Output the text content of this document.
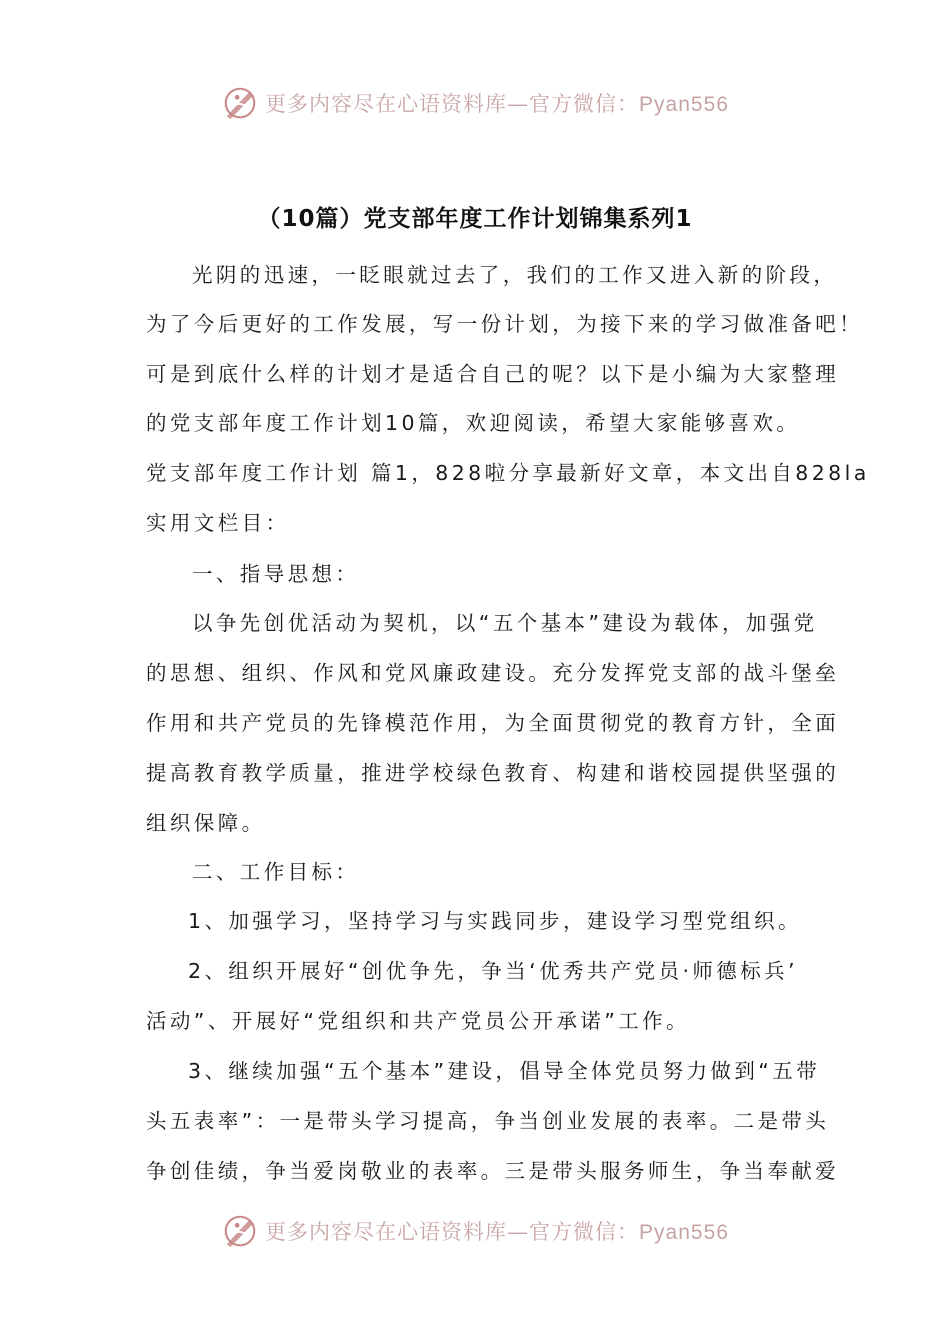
更多内容尽在心语资料库—官方微信：Pyan556
（10篇）党支部年度工作计划锦集系列1
光阴的迅速，一眨眼就过去了，我们的工作又进入新的阶段，
为了今后更好的工作发展，写一份计划，为接下来的学习做准备吧！
可是到底什么样的计划才是适合自己的呢？以下是小编为大家整理
的党支部年度工作计划10篇，欢迎阅读，希望大家能够喜欢。
党支部年度工作计划 篇1，828啦分享最新好文章，本文出自828la
实用文栏目：
一、指导思想：
以争先创优活动为契机，以“五个基本”建设为载体，加强党
的思想、组织、作风和党风廉政建设。充分发挥党支部的战斗堡垒
作用和共产党员的先锋模范作用，为全面贯彻党的教育方针，全面
提高教育教学质量，推进学校绿色教育、构建和谐校园提供坚强的
组织保障。
二、工作目标：
1、加强学习，坚持学习与实践同步，建设学习型党组织。
2、组织开展好“创优争先，争当‘优秀共产党员·师德标兵’
活动”、开展好“党组织和共产党员公开承诺”工作。
3、继续加强“五个基本”建设，倡导全体党员努力做到“五带
头五表率”：一是带头学习提高，争当创业发展的表率。二是带头
争创佳绩，争当爱岗敬业的表率。三是带头服务师生，争当奉献爱
更多内容尽在心语资料库—官方微信：Pyan556
